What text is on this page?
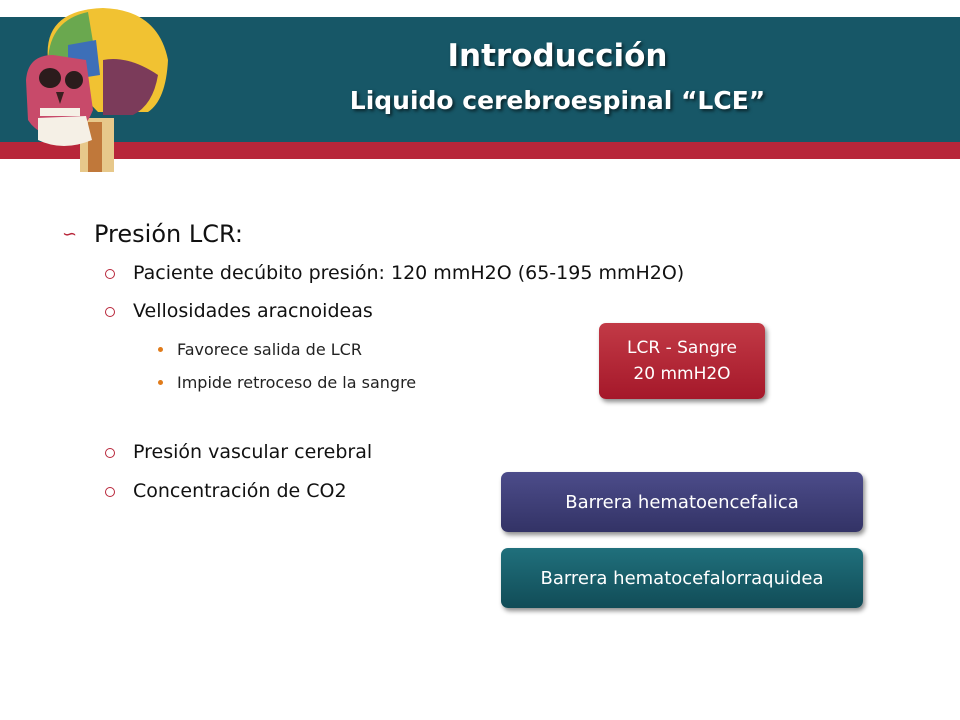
Introducción
Liquido cerebroespinal “LCE”
∽ Presión LCR:
Paciente decúbito presión: 120 mmH2O (65-195 mmH2O)
Vellosidades aracnoideas
Favorece salida de LCR
Impide retroceso de la sangre
Presión vascular cerebral
Concentración de CO2
LCR - Sangre
20 mmH2O
Barrera hematoencefalica
Barrera hematocefalorraquidea
